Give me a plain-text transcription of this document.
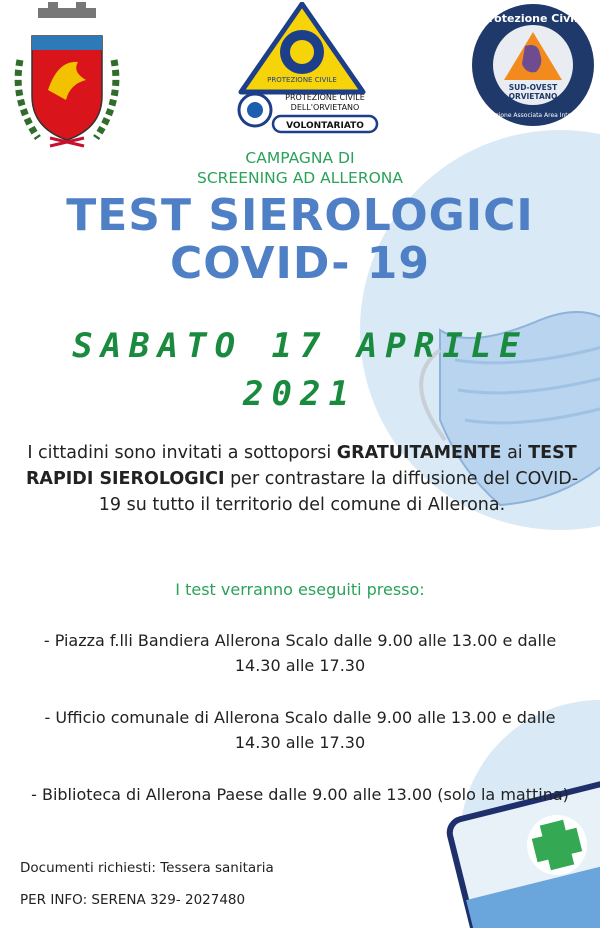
PROTEZIONE CIVILE
PROTEZIONE CIVILE
DELL'ORVIETANO
VOLONTARIATO
Protezione Civile
SUD-OVEST
ORVIETANO
Funzione Associata Area Interna
CAMPAGNA DI
SCREENING AD ALLERONA
TEST SIEROLOGICI
COVID- 19
SABATO 17 APRILE
2021
I cittadini sono invitati a sottoporsi GRATUITAMENTE ai TEST RAPIDI SIEROLOGICI per contrastare la diffusione del COVID- 19 su tutto il territorio del comune di Allerona.
I test verranno eseguiti presso:
- Piazza f.lli Bandiera Allerona Scalo dalle 9.00 alle 13.00 e dalle 14.30 alle 17.30
- Ufficio comunale di Allerona Scalo dalle 9.00 alle 13.00 e dalle 14.30 alle 17.30
- Biblioteca di Allerona Paese dalle 9.00 alle 13.00 (solo la mattina)
Documenti richiesti: Tessera sanitaria
PER INFO: SERENA 329- 2027480
